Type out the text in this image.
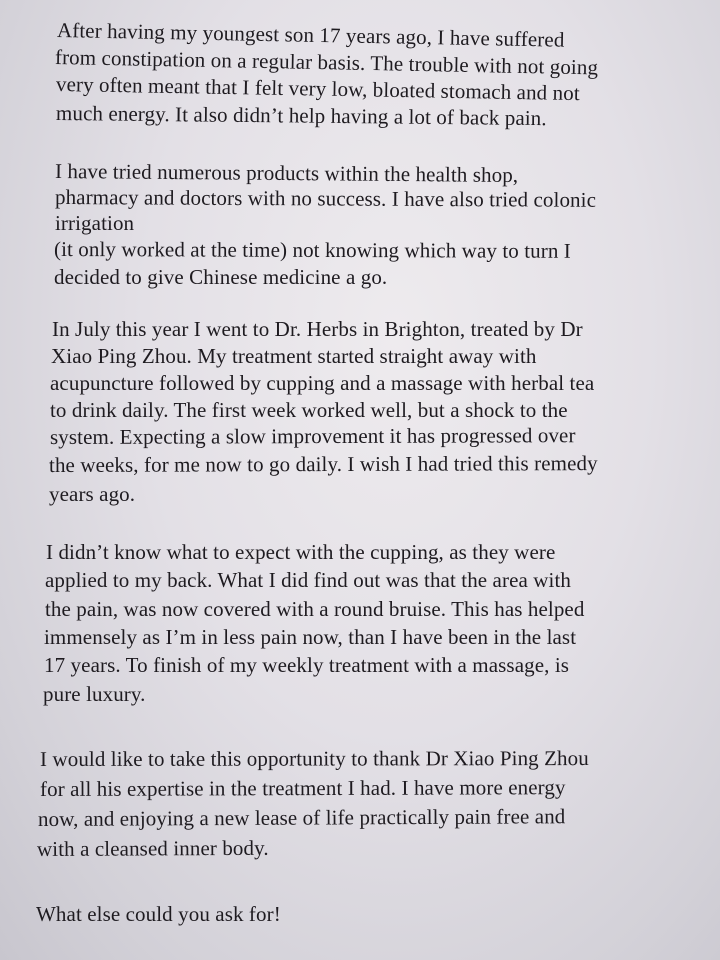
After having my youngest son 17 years ago, I have suffered
from constipation on a regular basis. The trouble with not going
very often meant that I felt very low, bloated stomach and not
much energy. It also didn’t help having a lot of back pain.
I have tried numerous products within the health shop,
pharmacy and doctors with no success. I have also tried colonic
irrigation
(it only worked at the time) not knowing which way to turn I
decided to give Chinese medicine a go.
In July this year I went to Dr. Herbs in Brighton, treated by Dr
Xiao Ping Zhou. My treatment started straight away with
acupuncture followed by cupping and a massage with herbal tea
to drink daily. The first week worked well, but a shock to the
system. Expecting a slow improvement it has progressed over
the weeks, for me now to go daily. I wish I had tried this remedy
years ago.
I didn’t know what to expect with the cupping, as they were
applied to my back. What I did find out was that the area with
the pain, was now covered with a round bruise. This has helped
immensely as I’m in less pain now, than I have been in the last
17 years. To finish of my weekly treatment with a massage, is
pure luxury.
I would like to take this opportunity to thank Dr Xiao Ping Zhou
for all his expertise in the treatment I had. I have more energy
now, and enjoying a new lease of life practically pain free and
with a cleansed inner body.
What else could you ask for!
